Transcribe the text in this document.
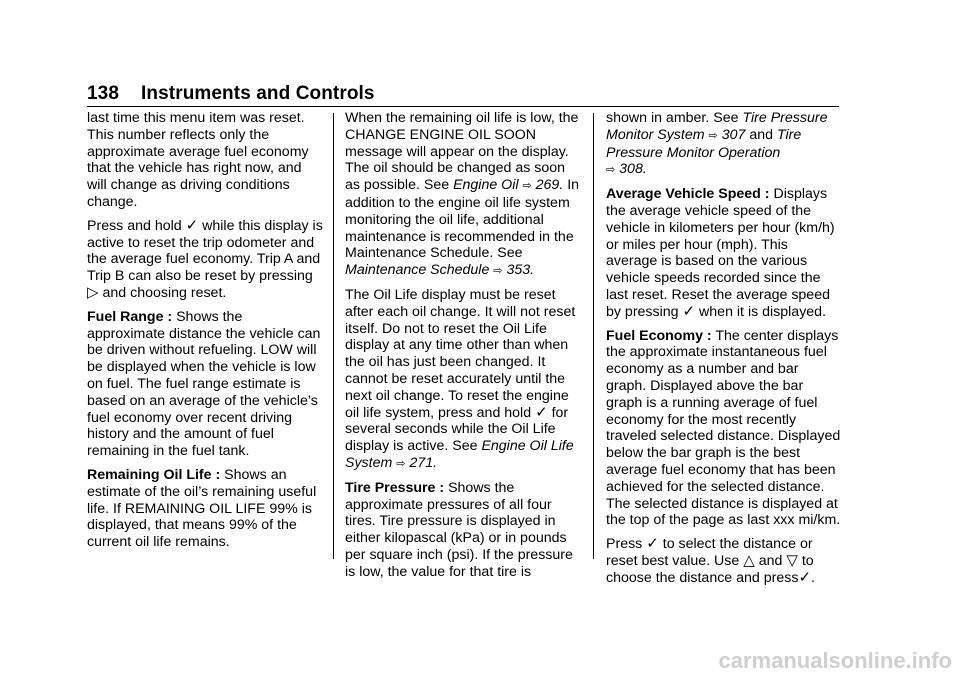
138 Instruments and Controls

last time this menu item was reset. This number reflects only the approximate average fuel economy that the vehicle has right now, and will change as driving conditions change.

Press and hold ✓ while this display is active to reset the trip odometer and the average fuel economy. Trip A and Trip B can also be reset by pressing ▷ and choosing reset.

Fuel Range : Shows the approximate distance the vehicle can be driven without refueling. LOW will be displayed when the vehicle is low on fuel. The fuel range estimate is based on an average of the vehicle’s fuel economy over recent driving history and the amount of fuel remaining in the fuel tank.

Remaining Oil Life : Shows an estimate of the oil’s remaining useful life. If REMAINING OIL LIFE 99% is displayed, that means 99% of the current oil life remains.

When the remaining oil life is low, the CHANGE ENGINE OIL SOON message will appear on the display. The oil should be changed as soon as possible. See Engine Oil ⇨ 269. In addition to the engine oil life system monitoring the oil life, additional maintenance is recommended in the Maintenance Schedule. See Maintenance Schedule ⇨ 353.

The Oil Life display must be reset after each oil change. It will not reset itself. Do not to reset the Oil Life display at any time other than when the oil has just been changed. It cannot be reset accurately until the next oil change. To reset the engine oil life system, press and hold ✓ for several seconds while the Oil Life display is active. See Engine Oil Life System ⇨ 271.

Tire Pressure : Shows the approximate pressures of all four tires. Tire pressure is displayed in either kilopascal (kPa) or in pounds per square inch (psi). If the pressure is low, the value for that tire is

shown in amber. See Tire Pressure Monitor System ⇨ 307 and Tire Pressure Monitor Operation
⇨ 308.

Average Vehicle Speed : Displays the average vehicle speed of the vehicle in kilometers per hour (km/h) or miles per hour (mph). This average is based on the various vehicle speeds recorded since the last reset. Reset the average speed by pressing ✓ when it is displayed.

Fuel Economy : The center displays the approximate instantaneous fuel economy as a number and bar graph. Displayed above the bar graph is a running average of fuel economy for the most recently traveled selected distance. Displayed below the bar graph is the best average fuel economy that has been achieved for the selected distance. The selected distance is displayed at the top of the page as last xxx mi/km.

Press ✓ to select the distance or reset best value. Use △ and ▽ to choose the distance and press✓.

carmanualsonline.info
